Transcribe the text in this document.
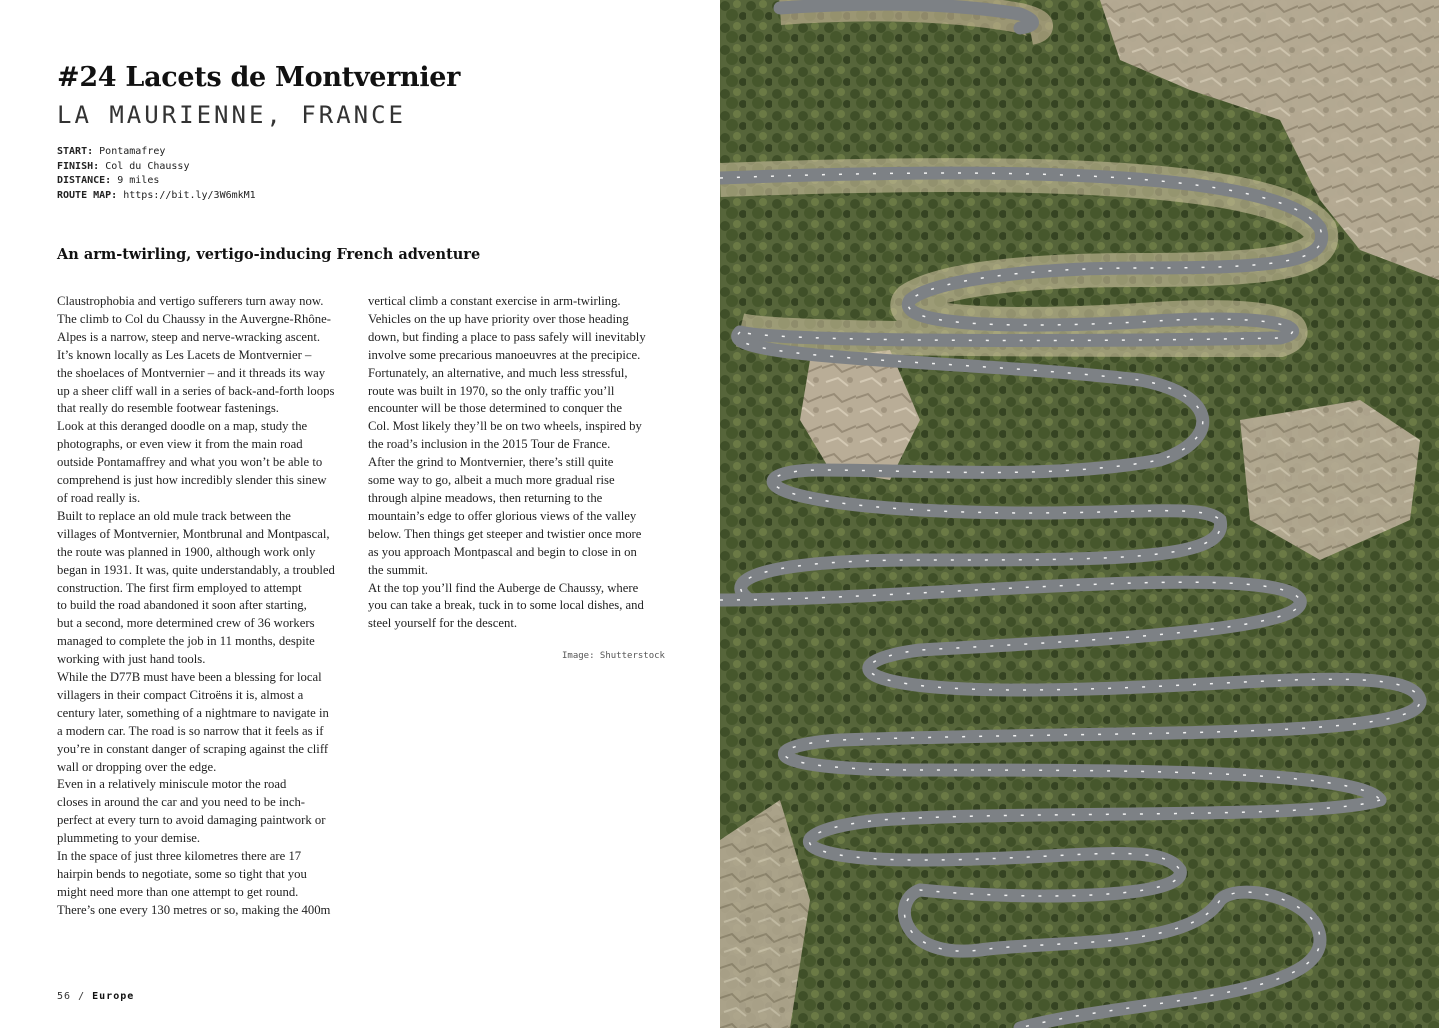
#24 Lacets de Montvernier
LA MAURIENNE, FRANCE
START: Pontamafrey
FINISH: Col du Chaussy
DISTANCE: 9 miles
ROUTE MAP: https://bit.ly/3W6mkM1
An arm-twirling, vertigo-inducing French adventure
Claustrophobia and vertigo sufferers turn away now.
The climb to Col du Chaussy in the Auvergne-Rhône-
Alpes is a narrow, steep and nerve-wracking ascent.
It’s known locally as Les Lacets de Montvernier –
the shoelaces of Montvernier – and it threads its way
up a sheer cliff wall in a series of back-and-forth loops
that really do resemble footwear fastenings.
Look at this deranged doodle on a map, study the
photographs, or even view it from the main road
outside Pontamaffrey and what you won’t be able to
comprehend is just how incredibly slender this sinew
of road really is.
Built to replace an old mule track between the
villages of Montvernier, Montbrunal and Montpascal,
the route was planned in 1900, although work only
began in 1931. It was, quite understandably, a troubled
construction. The first firm employed to attempt
to build the road abandoned it soon after starting,
but a second, more determined crew of 36 workers
managed to complete the job in 11 months, despite
working with just hand tools.
While the D77B must have been a blessing for local
villagers in their compact Citroëns it is, almost a
century later, something of a nightmare to navigate in
a modern car. The road is so narrow that it feels as if
you’re in constant danger of scraping against the cliff
wall or dropping over the edge.
Even in a relatively miniscule motor the road
closes in around the car and you need to be inch-
perfect at every turn to avoid damaging paintwork or
plummeting to your demise.
In the space of just three kilometres there are 17
hairpin bends to negotiate, some so tight that you
might need more than one attempt to get round.
There’s one every 130 metres or so, making the 400m
vertical climb a constant exercise in arm-twirling.
Vehicles on the up have priority over those heading
down, but finding a place to pass safely will inevitably
involve some precarious manoeuvres at the precipice.
Fortunately, an alternative, and much less stressful,
route was built in 1970, so the only traffic you’ll
encounter will be those determined to conquer the
Col. Most likely they’ll be on two wheels, inspired by
the road’s inclusion in the 2015 Tour de France.
After the grind to Montvernier, there’s still quite
some way to go, albeit a much more gradual rise
through alpine meadows, then returning to the
mountain’s edge to offer glorious views of the valley
below. Then things get steeper and twistier once more
as you approach Montpascal and begin to close in on
the summit.
At the top you’ll find the Auberge de Chaussy, where
you can take a break, tuck in to some local dishes, and
steel yourself for the descent.
Image: Shutterstock
56 / Europe
